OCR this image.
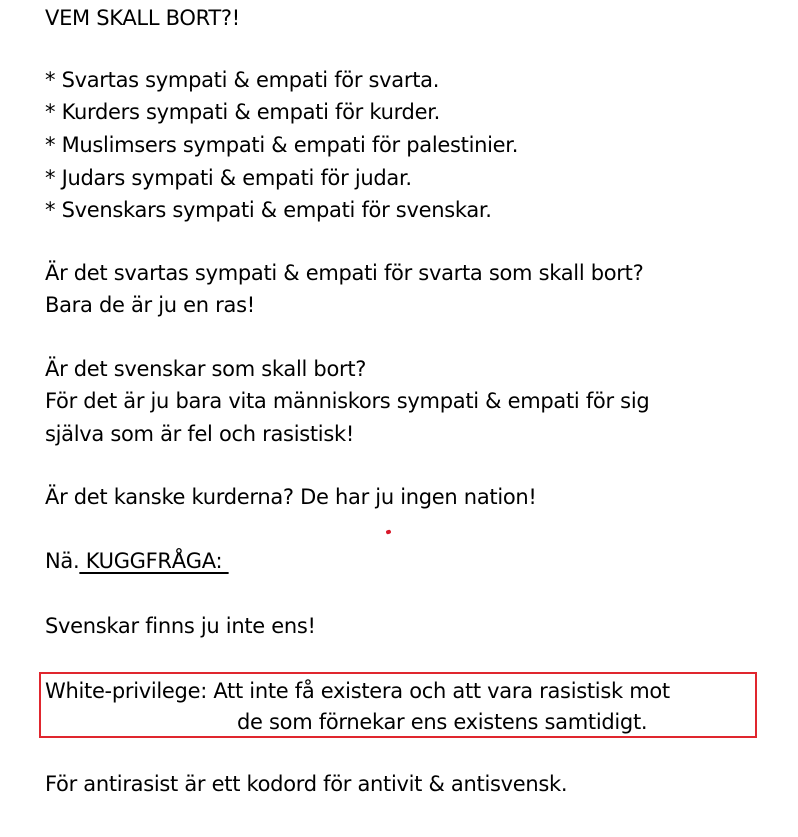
VEM SKALL BORT?!
* Svartas sympati & empati för svarta.
* Kurders sympati & empati för kurder.
* Muslimsers sympati & empati för palestinier.
* Judars sympati & empati för judar.
* Svenskars sympati & empati för svenskar.
Är det svartas sympati & empati för svarta som skall bort?
Bara de är ju en ras!
Är det svenskar som skall bort?
För det är ju bara vita människors sympati & empati för sig
själva som är fel och rasistisk!
Är det kanske kurderna? De har ju ingen nation!
Nä. KUGGFRÅGA:
Svenskar finns ju inte ens!
White-privilege: Att inte få existera och att vara rasistisk mot
de som förnekar ens existens samtidigt.
För antirasist är ett kodord för antivit & antisvensk.
